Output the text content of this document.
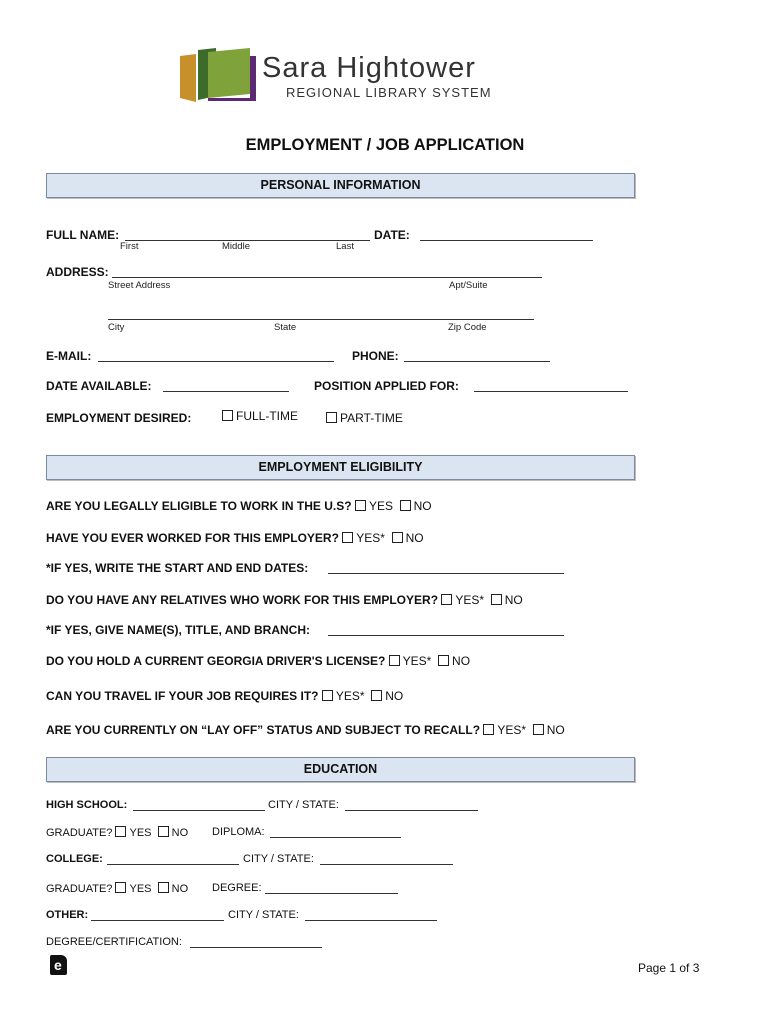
Sara Hightower
REGIONAL LIBRARY SYSTEM
EMPLOYMENT / JOB APPLICATION
PERSONAL INFORMATION
FULL NAME:	DATE:
First	Middle	Last
ADDRESS:
Street Address	Apt/Suite
City	State	Zip Code
E-MAIL:	PHONE:
DATE AVAILABLE:	POSITION APPLIED FOR:
EMPLOYMENT DESIRED:	FULL-TIME	PART-TIME
EMPLOYMENT ELIGIBILITY
ARE YOU LEGALLY ELIGIBLE TO WORK IN THE U.S? YES NO
HAVE YOU EVER WORKED FOR THIS EMPLOYER? YES* NO
*IF YES, WRITE THE START AND END DATES:
DO YOU HAVE ANY RELATIVES WHO WORK FOR THIS EMPLOYER? YES* NO
*IF YES, GIVE NAME(S), TITLE, AND BRANCH:
DO YOU HOLD A CURRENT GEORGIA DRIVER'S LICENSE? YES* NO
CAN YOU TRAVEL IF YOUR JOB REQUIRES IT? YES* NO
ARE YOU CURRENTLY ON “LAY OFF” STATUS AND SUBJECT TO RECALL? YES* NO
EDUCATION
HIGH SCHOOL:	CITY / STATE:
GRADUATE? YES NO DIPLOMA:
COLLEGE:	CITY / STATE:
GRADUATE? YES NO DEGREE:
OTHER:	CITY / STATE:
DEGREE/CERTIFICATION:
e	Page 1 of 3
